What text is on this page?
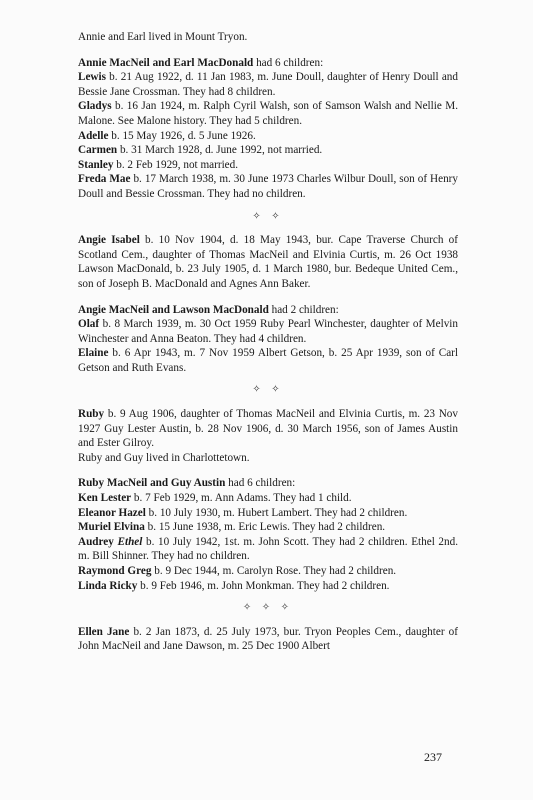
Annie and Earl lived in Mount Tryon.

Annie MacNeil and Earl MacDonald had 6 children:

Lewis b. 21 Aug 1922, d. 11 Jan 1983, m. June Doull, daughter of Henry Doull and Bessie Jane Crossman. They had 8 children.

Gladys b. 16 Jan 1924, m. Ralph Cyril Walsh, son of Samson Walsh and Nellie M. Malone. See Malone history. They had 5 children.

Adelle b. 15 May 1926, d. 5 June 1926.

Carmen b. 31 March 1928, d. June 1992, not married.

Stanley b. 2 Feb 1929, not married.

Freda Mae b. 17 March 1938, m. 30 June 1973 Charles Wilbur Doull, son of Henry Doull and Bessie Crossman. They had no children.

✧ ✧

Angie Isabel b. 10 Nov 1904, d. 18 May 1943, bur. Cape Traverse Church of Scotland Cem., daughter of Thomas MacNeil and Elvinia Curtis, m. 26 Oct 1938 Lawson MacDonald, b. 23 July 1905, d. 1 March 1980, bur. Bedeque United Cem., son of Joseph B. MacDonald and Agnes Ann Baker.

Angie MacNeil and Lawson MacDonald had 2 children:

Olaf b. 8 March 1939, m. 30 Oct 1959 Ruby Pearl Winchester, daughter of Melvin Winchester and Anna Beaton. They had 4 children.

Elaine b. 6 Apr 1943, m. 7 Nov 1959 Albert Getson, b. 25 Apr 1939, son of Carl Getson and Ruth Evans.

✧ ✧

Ruby b. 9 Aug 1906, daughter of Thomas MacNeil and Elvinia Curtis, m. 23 Nov 1927 Guy Lester Austin, b. 28 Nov 1906, d. 30 March 1956, son of James Austin and Ester Gilroy.

Ruby and Guy lived in Charlottetown.

Ruby MacNeil and Guy Austin had 6 children:

Ken Lester b. 7 Feb 1929, m. Ann Adams. They had 1 child.

Eleanor Hazel b. 10 July 1930, m. Hubert Lambert. They had 2 children.

Muriel Elvina b. 15 June 1938, m. Eric Lewis. They had 2 children.

Audrey Ethel b. 10 July 1942, 1st. m. John Scott. They had 2 children. Ethel 2nd. m. Bill Shinner. They had no children.

Raymond Greg b. 9 Dec 1944, m. Carolyn Rose. They had 2 children.

Linda Ricky b. 9 Feb 1946, m. John Monkman. They had 2 children.

✧ ✧ ✧

Ellen Jane b. 2 Jan 1873, d. 25 July 1973, bur. Tryon Peoples Cem., daughter of John MacNeil and Jane Dawson, m. 25 Dec 1900 Albert

237
